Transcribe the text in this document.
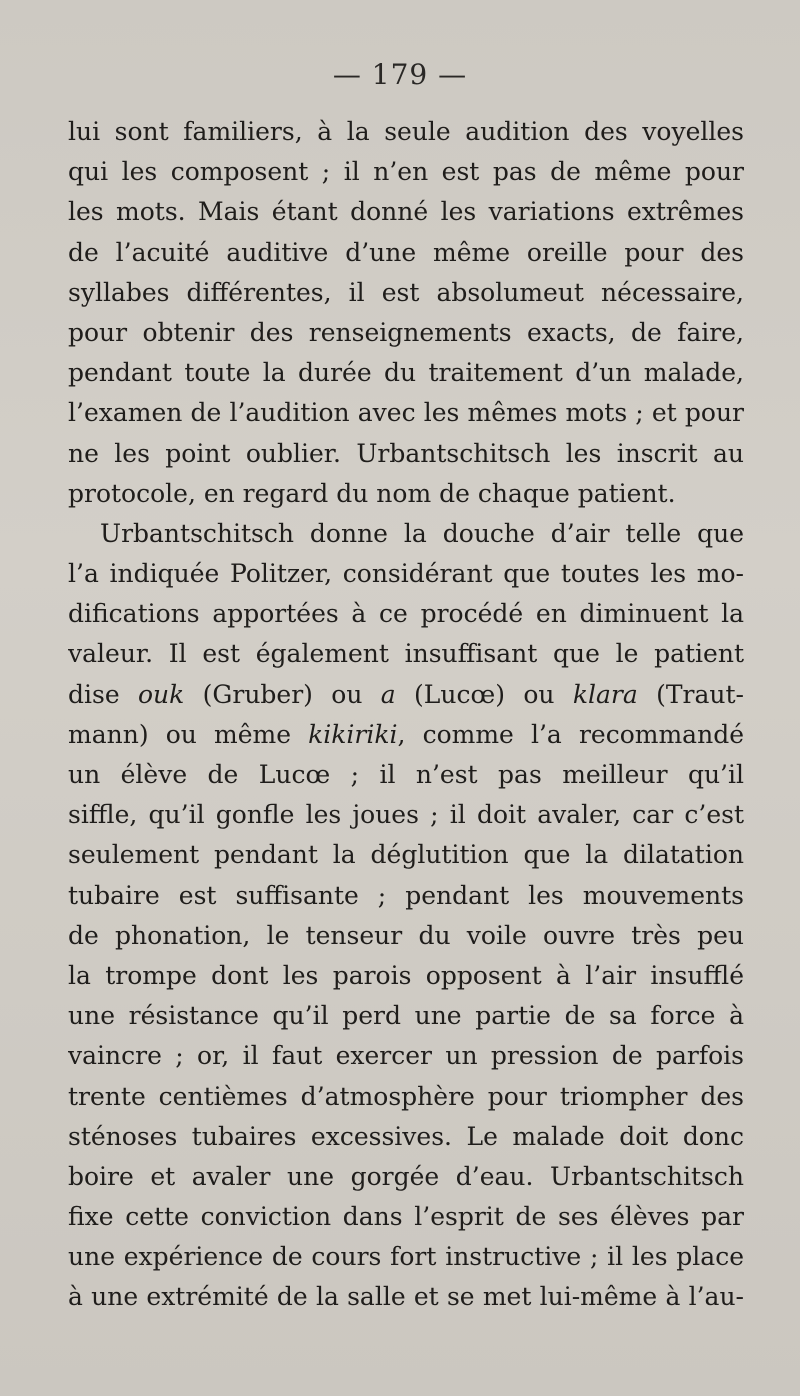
— 179 —
lui sont familiers, à la seule audition des voyelles
qui les composent ; il n’en est pas de même pour
les mots. Mais étant donné les variations extrêmes
de l’acuité auditive d’une même oreille pour des
syllabes différentes, il est absolumeut nécessaire,
pour obtenir des renseignements exacts, de faire,
pendant toute la durée du traitement d’un malade,
l’examen de l’audition avec les mêmes mots ; et pour
ne les point oublier. Urbantschitsch les inscrit au
protocole, en regard du nom de chaque patient.
Urbantschitsch donne la douche d’air telle que
l’a indiquée Politzer, considérant que toutes les mo-
difications apportées à ce procédé en diminuent la
valeur. Il est également insuffisant que le patient
dise ouk (Gruber) ou a (Lucœ) ou klara (Traut-
mann) ou même kikiriki, comme l’a recommandé
un élève de Lucœ ; il n’est pas meilleur qu’il
siffle, qu’il gonfle les joues ; il doit avaler, car c’est
seulement pendant la déglutition que la dilatation
tubaire est suffisante ; pendant les mouvements
de phonation, le tenseur du voile ouvre très peu
la trompe dont les parois opposent à l’air insufflé
une résistance qu’il perd une partie de sa force à
vaincre ; or, il faut exercer un pression de parfois
trente centièmes d’atmosphère pour triompher des
sténoses tubaires excessives. Le malade doit donc
boire et avaler une gorgée d’eau. Urbantschitsch
fixe cette conviction dans l’esprit de ses élèves par
une expérience de cours fort instructive ; il les place
à une extrémité de la salle et se met lui-même à l’au-
